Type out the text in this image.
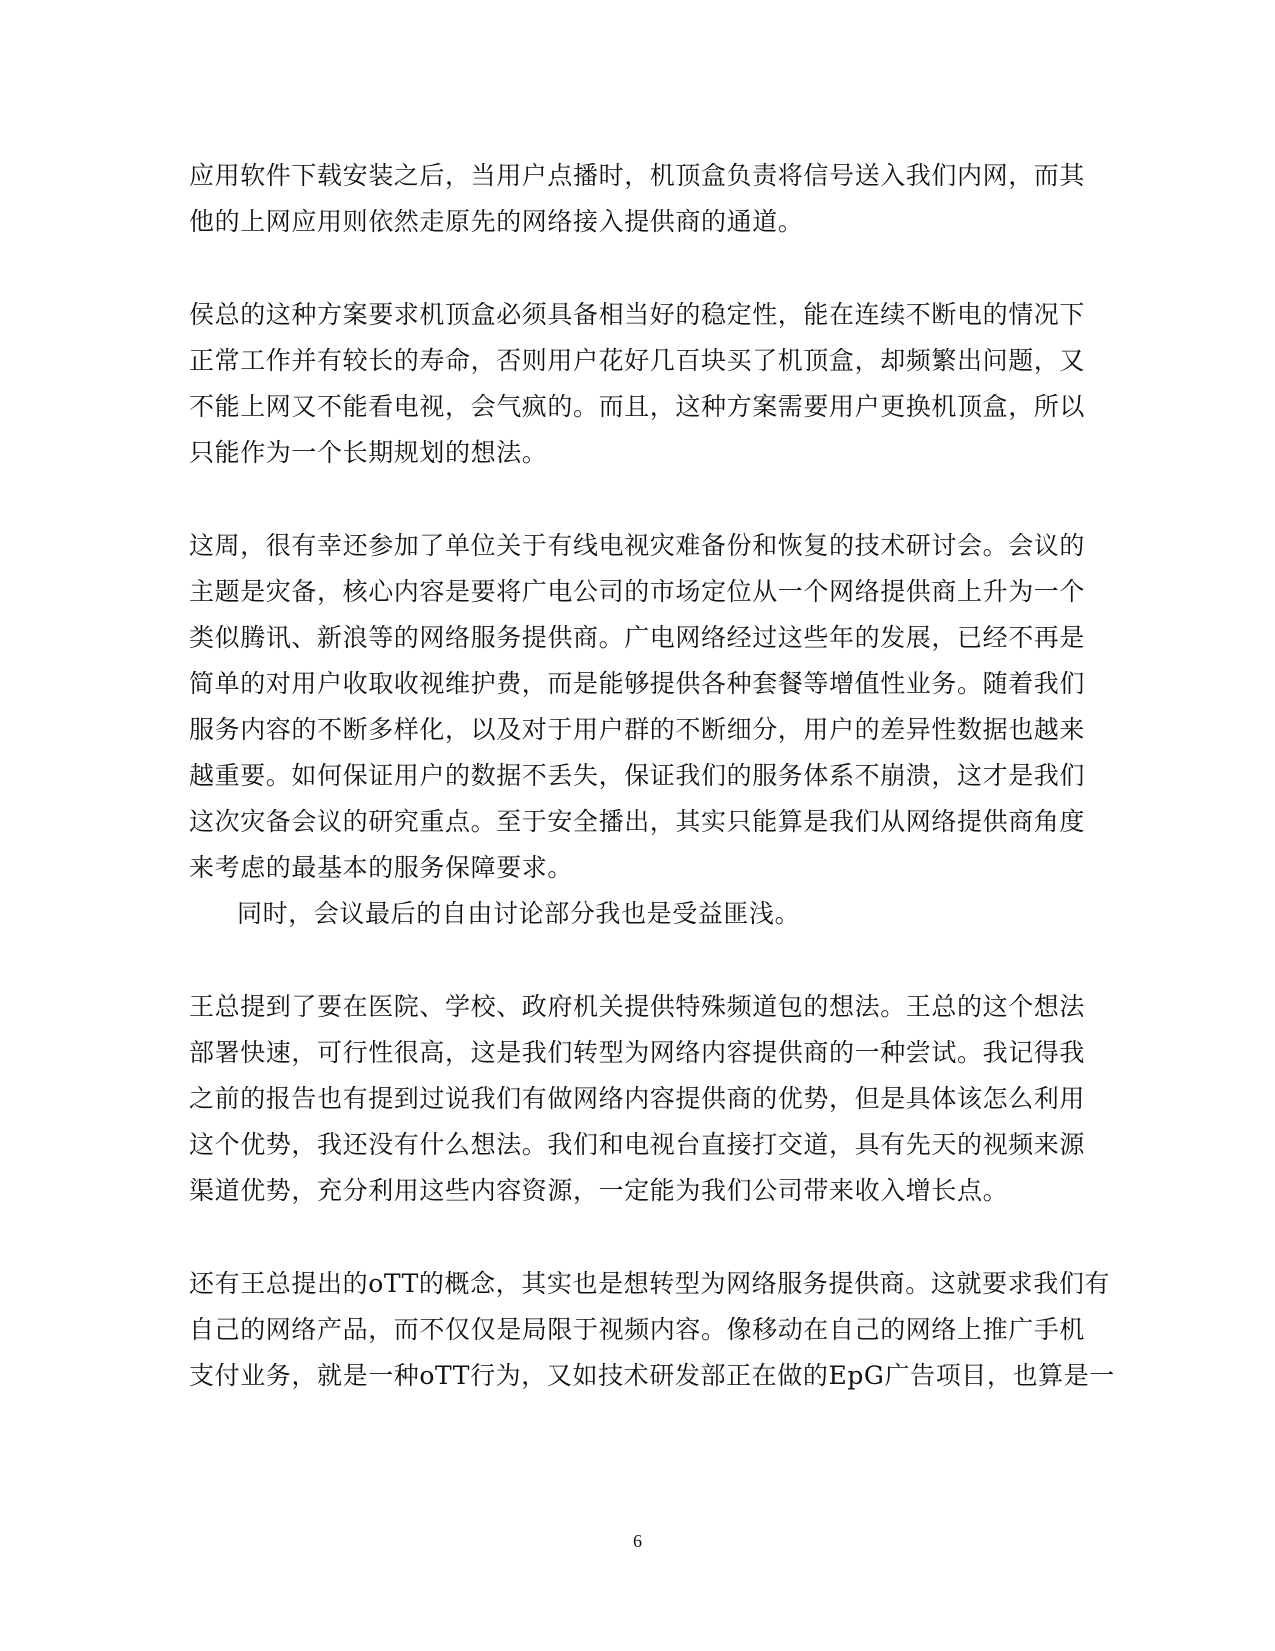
应用软件下载安装之后，当用户点播时，机顶盒负责将信号送入我们内网，而其
他的上网应用则依然走原先的网络接入提供商的通道。
侯总的这种方案要求机顶盒必须具备相当好的稳定性，能在连续不断电的情况下
正常工作并有较长的寿命，否则用户花好几百块买了机顶盒，却频繁出问题，又
不能上网又不能看电视，会气疯的。而且，这种方案需要用户更换机顶盒，所以
只能作为一个长期规划的想法。
这周，很有幸还参加了单位关于有线电视灾难备份和恢复的技术研讨会。会议的
主题是灾备，核心内容是要将广电公司的市场定位从一个网络提供商上升为一个
类似腾讯、新浪等的网络服务提供商。广电网络经过这些年的发展，已经不再是
简单的对用户收取收视维护费，而是能够提供各种套餐等增值性业务。随着我们
服务内容的不断多样化，以及对于用户群的不断细分，用户的差异性数据也越来
越重要。如何保证用户的数据不丢失，保证我们的服务体系不崩溃，这才是我们
这次灾备会议的研究重点。至于安全播出，其实只能算是我们从网络提供商角度
来考虑的最基本的服务保障要求。
同时，会议最后的自由讨论部分我也是受益匪浅。
王总提到了要在医院、学校、政府机关提供特殊频道包的想法。王总的这个想法
部署快速，可行性很高，这是我们转型为网络内容提供商的一种尝试。我记得我
之前的报告也有提到过说我们有做网络内容提供商的优势，但是具体该怎么利用
这个优势，我还没有什么想法。我们和电视台直接打交道，具有先天的视频来源
渠道优势，充分利用这些内容资源，一定能为我们公司带来收入增长点。
还有王总提出的oTT的概念，其实也是想转型为网络服务提供商。这就要求我们有
自己的网络产品，而不仅仅是局限于视频内容。像移动在自己的网络上推广手机
支付业务，就是一种oTT行为，又如技术研发部正在做的EpG广告项目，也算是一
6
